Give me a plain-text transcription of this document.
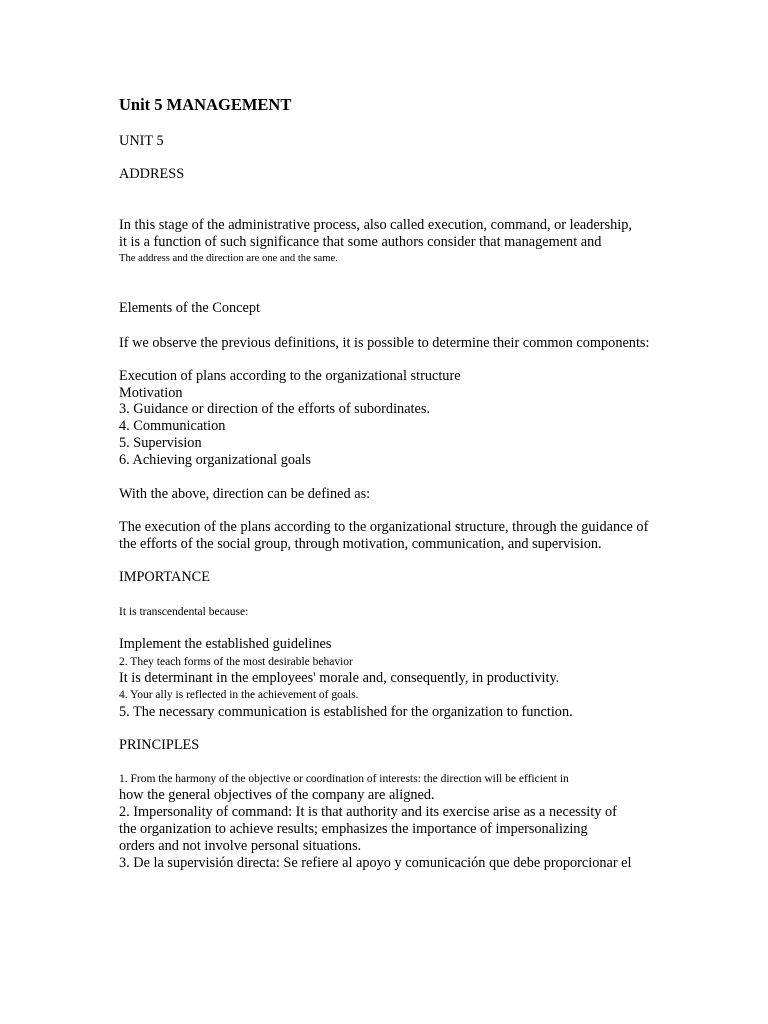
Unit 5 MANAGEMENT
UNIT 5
ADDRESS
In this stage of the administrative process, also called execution, command, or leadership,
it is a function of such significance that some authors consider that management and
The address and the direction are one and the same.
Elements of the Concept
If we observe the previous definitions, it is possible to determine their common components:
Execution of plans according to the organizational structure
Motivation
3. Guidance or direction of the efforts of subordinates.
4. Communication
5. Supervision
6. Achieving organizational goals
With the above, direction can be defined as:
The execution of the plans according to the organizational structure, through the guidance of
the efforts of the social group, through motivation, communication, and supervision.
IMPORTANCE
It is transcendental because:
Implement the established guidelines
2. They teach forms of the most desirable behavior
It is determinant in the employees' morale and, consequently, in productivity.
4. Your ally is reflected in the achievement of goals.
5. The necessary communication is established for the organization to function.
PRINCIPLES
1. From the harmony of the objective or coordination of interests: the direction will be efficient in
how the general objectives of the company are aligned.
2. Impersonality of command: It is that authority and its exercise arise as a necessity of
the organization to achieve results; emphasizes the importance of impersonalizing
orders and not involve personal situations.
3. De la supervisión directa: Se refiere al apoyo y comunicación que debe proporcionar el
